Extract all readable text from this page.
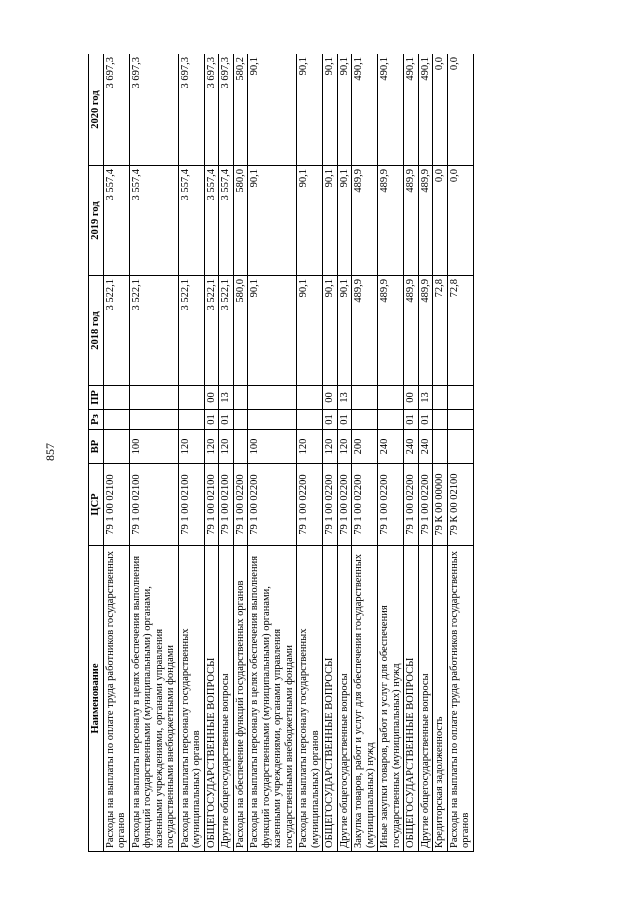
857
Наименование	ЦСР	ВР	Рз	ПР	2018 год	2019 год	2020 год
Расходы на выплаты по оплате труда работников государственных органов	79 1 00 02100				3 522,1	3 557,4	3 697,3
Расходы на выплаты персоналу в целях обеспечения выполнения функций государственными (муниципальными) органами, казенными учреждениями, органами управления государственными внебюджетными фондами	79 1 00 02100	100			3 522,1	3 557,4	3 697,3
Расходы на выплаты персоналу государственных (муниципальных) органов	79 1 00 02100	120			3 522,1	3 557,4	3 697,3
ОБЩЕГОСУДАРСТВЕННЫЕ ВОПРОСЫ	79 1 00 02100	120	01	00	3 522,1	3 557,4	3 697,3
Другие общегосударственные вопросы	79 1 00 02100	120	01	13	3 522,1	3 557,4	3 697,3
Расходы на обеспечение функций государственных органов	79 1 00 02200				580,0	580,0	580,2
Расходы на выплаты персоналу в целях обеспечения выполнения функций государственными (муниципальными) органами, казенными учреждениями, органами управления государственными внебюджетными фондами	79 1 00 02200	100			90,1	90,1	90,1
Расходы на выплаты персоналу государственных (муниципальных) органов	79 1 00 02200	120			90,1	90,1	90,1
ОБЩЕГОСУДАРСТВЕННЫЕ ВОПРОСЫ	79 1 00 02200	120	01	00	90,1	90,1	90,1
Другие общегосударственные вопросы	79 1 00 02200	120	01	13	90,1	90,1	90,1
Закупка товаров, работ и услуг для обеспечения государственных (муниципальных) нужд	79 1 00 02200	200			489,9	489,9	490,1
Иные закупки товаров, работ и услуг для обеспечения государственных (муниципальных) нужд	79 1 00 02200	240			489,9	489,9	490,1
ОБЩЕГОСУДАРСТВЕННЫЕ ВОПРОСЫ	79 1 00 02200	240	01	00	489,9	489,9	490,1
Другие общегосударственные вопросы	79 1 00 02200	240	01	13	489,9	489,9	490,1
Кредиторская задолженность	79 К 00 00000				72,8	0,0	0,0
Расходы на выплаты по оплате труда работников государственных органов	79 К 00 02100				72,8	0,0	0,0
